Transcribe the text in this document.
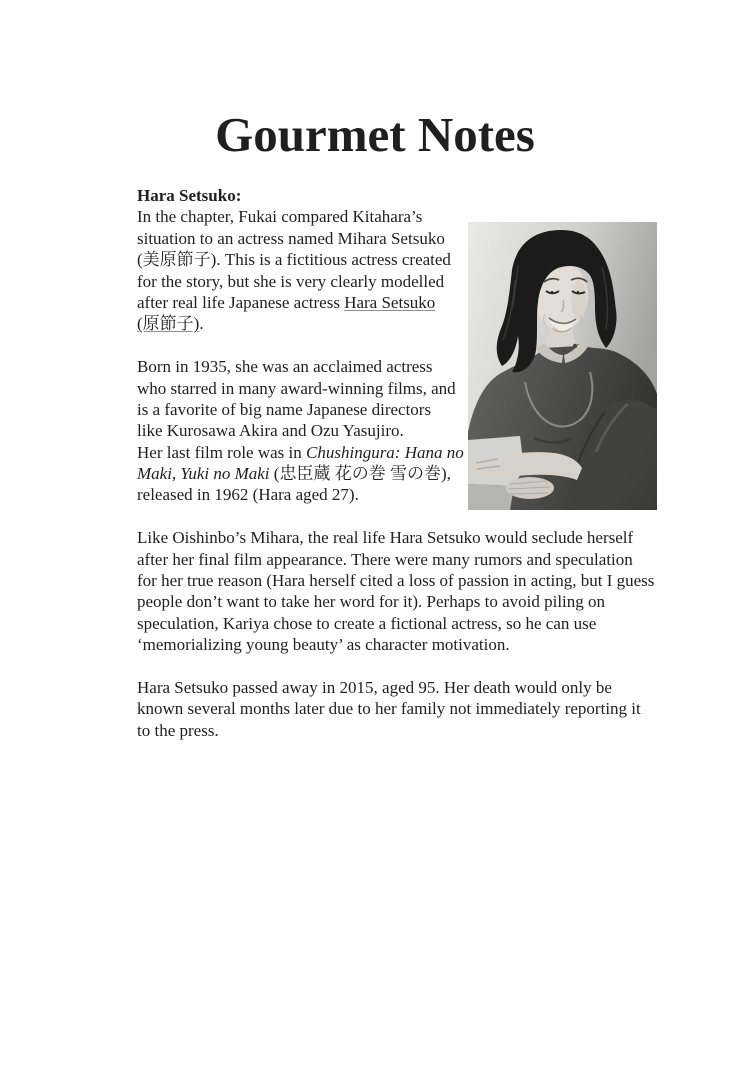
Gourmet Notes
Hara Setsuko:
In the chapter, Fukai compared Kitahara’s
situation to an actress named Mihara Setsuko
(美原節子). This is a fictitious actress created
for the story, but she is very clearly modelled
after real life Japanese actress Hara Setsuko
(原節子).
Born in 1935, she was an acclaimed actress
who starred in many award-winning films, and
is a favorite of big name Japanese directors
like Kurosawa Akira and Ozu Yasujiro.
Her last film role was in Chushingura: Hana no
Maki, Yuki no Maki (忠臣蔵 花の巻 雪の巻),
released in 1962 (Hara aged 27).
Like Oishinbo’s Mihara, the real life Hara Setsuko would seclude herself
after her final film appearance. There were many rumors and speculation
for her true reason (Hara herself cited a loss of passion in acting, but I guess
people don’t want to take her word for it). Perhaps to avoid piling on
speculation, Kariya chose to create a fictional actress, so he can use
‘memorializing young beauty’ as character motivation.
Hara Setsuko passed away in 2015, aged 95. Her death would only be
known several months later due to her family not immediately reporting it
to the press.
